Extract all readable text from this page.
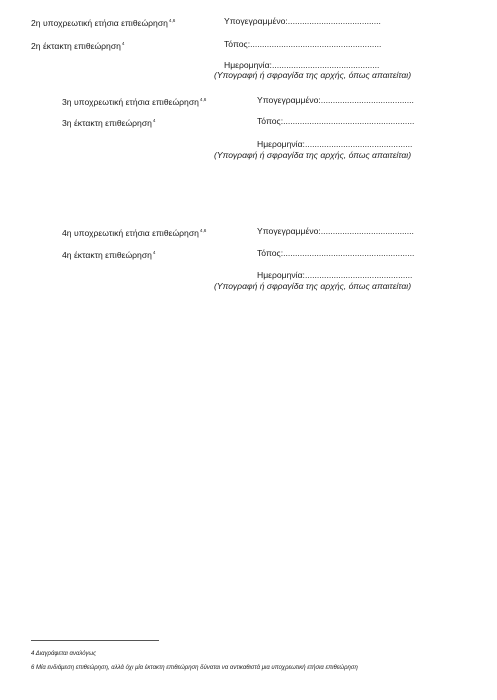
2η υποχρεωτική ετήσια επιθεώρηση$^{4,6}$	Υπογεγραμμένο:.......................................
2η έκτακτη επιθεώρηση$^4$	Τόπος:.......................................................
Ημερομηνία:.............................................
(Υπογραφή ή σφραγίδα της αρχής, όπως απαιτείται)
3η υποχρεωτική ετήσια επιθεώρηση$^{4,6}$	Υπογεγραμμένο:.......................................
3η έκτακτη επιθεώρηση$^4$	Τόπος:.......................................................
Ημερομηνία:.............................................
(Υπογραφή ή σφραγίδα της αρχής, όπως απαιτείται)
4η υποχρεωτική ετήσια επιθεώρηση$^{4,6}$	Υπογεγραμμένο:.......................................
4η έκτακτη επιθεώρηση$^4$	Τόπος:.......................................................
Ημερομηνία:.............................................
(Υπογραφή ή σφραγίδα της αρχής, όπως απαιτείται)
4 Διαγράφεται αναλόγως
6 Μία ενδιάμεση επιθεώρηση, αλλά όχι μία έκτακτη επιθεώρηση δύναται να αντικαθιστά μια υποχρεωτική ετήσια επιθεώρηση
